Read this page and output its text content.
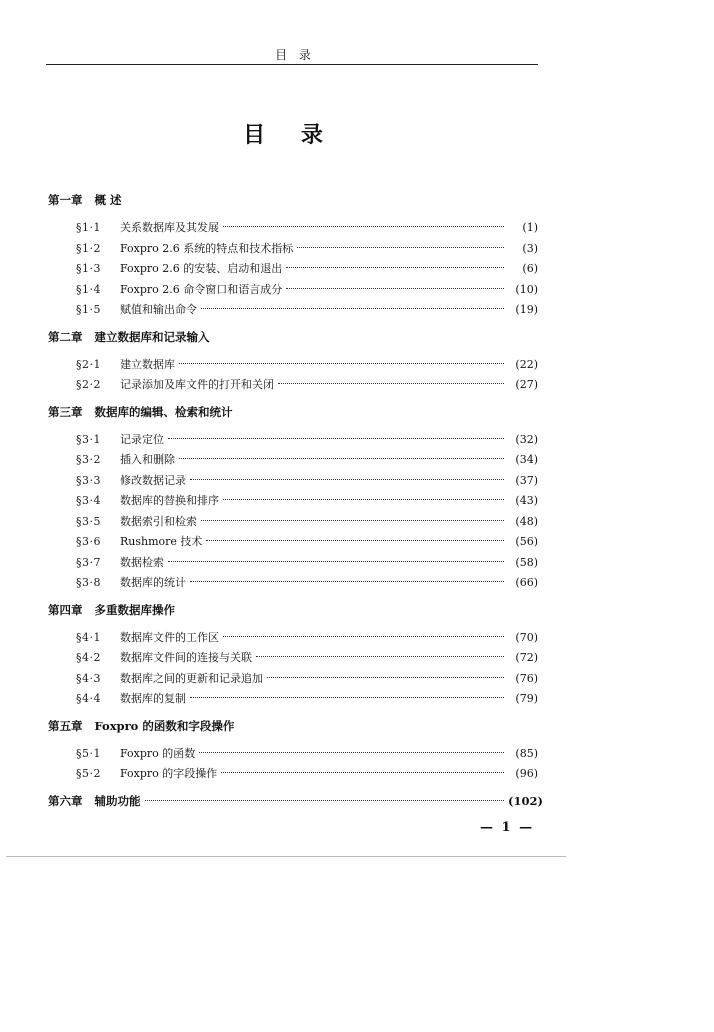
目 录
目 录
第一章 概 述
§1·1	关系数据库及其发展	(1)
§1·2	Foxpro 2.6 系统的特点和技术指标	(3)
§1·3	Foxpro 2.6 的安装、启动和退出	(6)
§1·4	Foxpro 2.6 命令窗口和语言成分	(10)
§1·5	赋值和输出命令	(19)
第二章 建立数据库和记录输入
§2·1	建立数据库	(22)
§2·2	记录添加及库文件的打开和关闭	(27)
第三章 数据库的编辑、检索和统计
§3·1	记录定位	(32)
§3·2	插入和删除	(34)
§3·3	修改数据记录	(37)
§3·4	数据库的替换和排序	(43)
§3·5	数据索引和检索	(48)
§3·6	Rushmore 技术	(56)
§3·7	数据检索	(58)
§3·8	数据库的统计	(66)
第四章 多重数据库操作
§4·1	数据库文件的工作区	(70)
§4·2	数据库文件间的连接与关联	(72)
§4·3	数据库之间的更新和记录追加	(76)
§4·4	数据库的复制	(79)
第五章 Foxpro 的函数和字段操作
§5·1	Foxpro 的函数	(85)
§5·2	Foxpro 的字段操作	(96)
第六章 辅助功能	(102)
— 1 —
